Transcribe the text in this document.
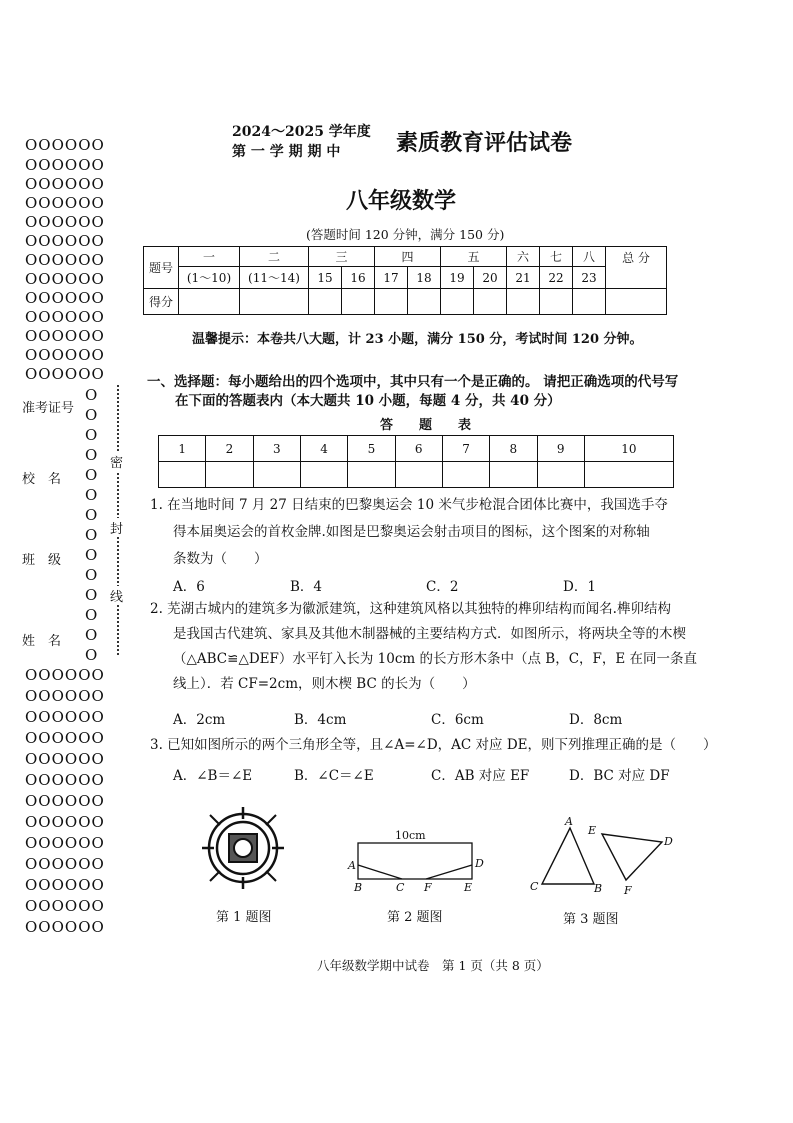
OOOOOO
OOOOOO
OOOOOO
OOOOOO
OOOOOO
OOOOOO
OOOOOO
OOOOOO
OOOOOO
OOOOOO
OOOOOO
OOOOOO
OOOOOO
O
O
O
O
O
O
O
O
O
O
O
O
O
O
准考证号
校　名
班　级
姓　名
密
封
线
OOOOOO
OOOOOO
OOOOOO
OOOOOO
OOOOOO
OOOOOO
OOOOOO
OOOOOO
OOOOOO
OOOOOO
OOOOOO
OOOOOO
OOOOOO
2024～2025 学年度
第 一 学 期 期 中	素质教育评估试卷
八年级数学
(答题时间 120 分钟，满分 150 分)
题号	一	二	三		四		五		六	七	八	总 分
	(1～10)	(11～14)	15	16	17	18	19	20	21	22	23	
得分												
温馨提示：本卷共八大题，计 23 小题，满分 150 分，考试时间 120 分钟。
一、选择题：每小题给出的四个选项中，其中只有一个是正确的。 请把正确选项的代号写
在下面的答题表内（本大题共 10 小题，每题 4 分，共 40 分）
答　　题　　表
1	2	3	4	5	6	7	8	9	10

1. 在当地时间 7 月 27 日结束的巴黎奥运会 10 米气步枪混合团体比赛中，我国选手夺
得本届奥运会的首枚金牌.如图是巴黎奥运会射击项目的图标，这个图案的对称轴
条数为（　　）
A．6	B．4	C．2	D．1
2. 芜湖古城内的建筑多为徽派建筑，这种建筑风格以其独特的榫卯结构而闻名.榫卯结构
是我国古代建筑、家具及其他木制器械的主要结构方式．如图所示，将两块全等的木楔
（△ABC≌△DEF）水平钉入长为 10cm 的长方形木条中（点 B，C，F，E 在同一条直
线上）．若 CF=2cm，则木楔 BC 的长为（　　）
A．2cm	B．4cm	C．6cm	D．8cm
3. 已知如图所示的两个三角形全等，且∠A=∠D，AC 对应 DE，则下列推理正确的是（　　）
A．∠B＝∠E	B．∠C＝∠E	C．AB 对应 EF	D．BC 对应 DF
第 1 题图
10cm
A
B	C F	E
D
第 2 题图
A
C	B
E
D
F
第 3 题图
八年级数学期中试卷　第 1 页（共 8 页）
